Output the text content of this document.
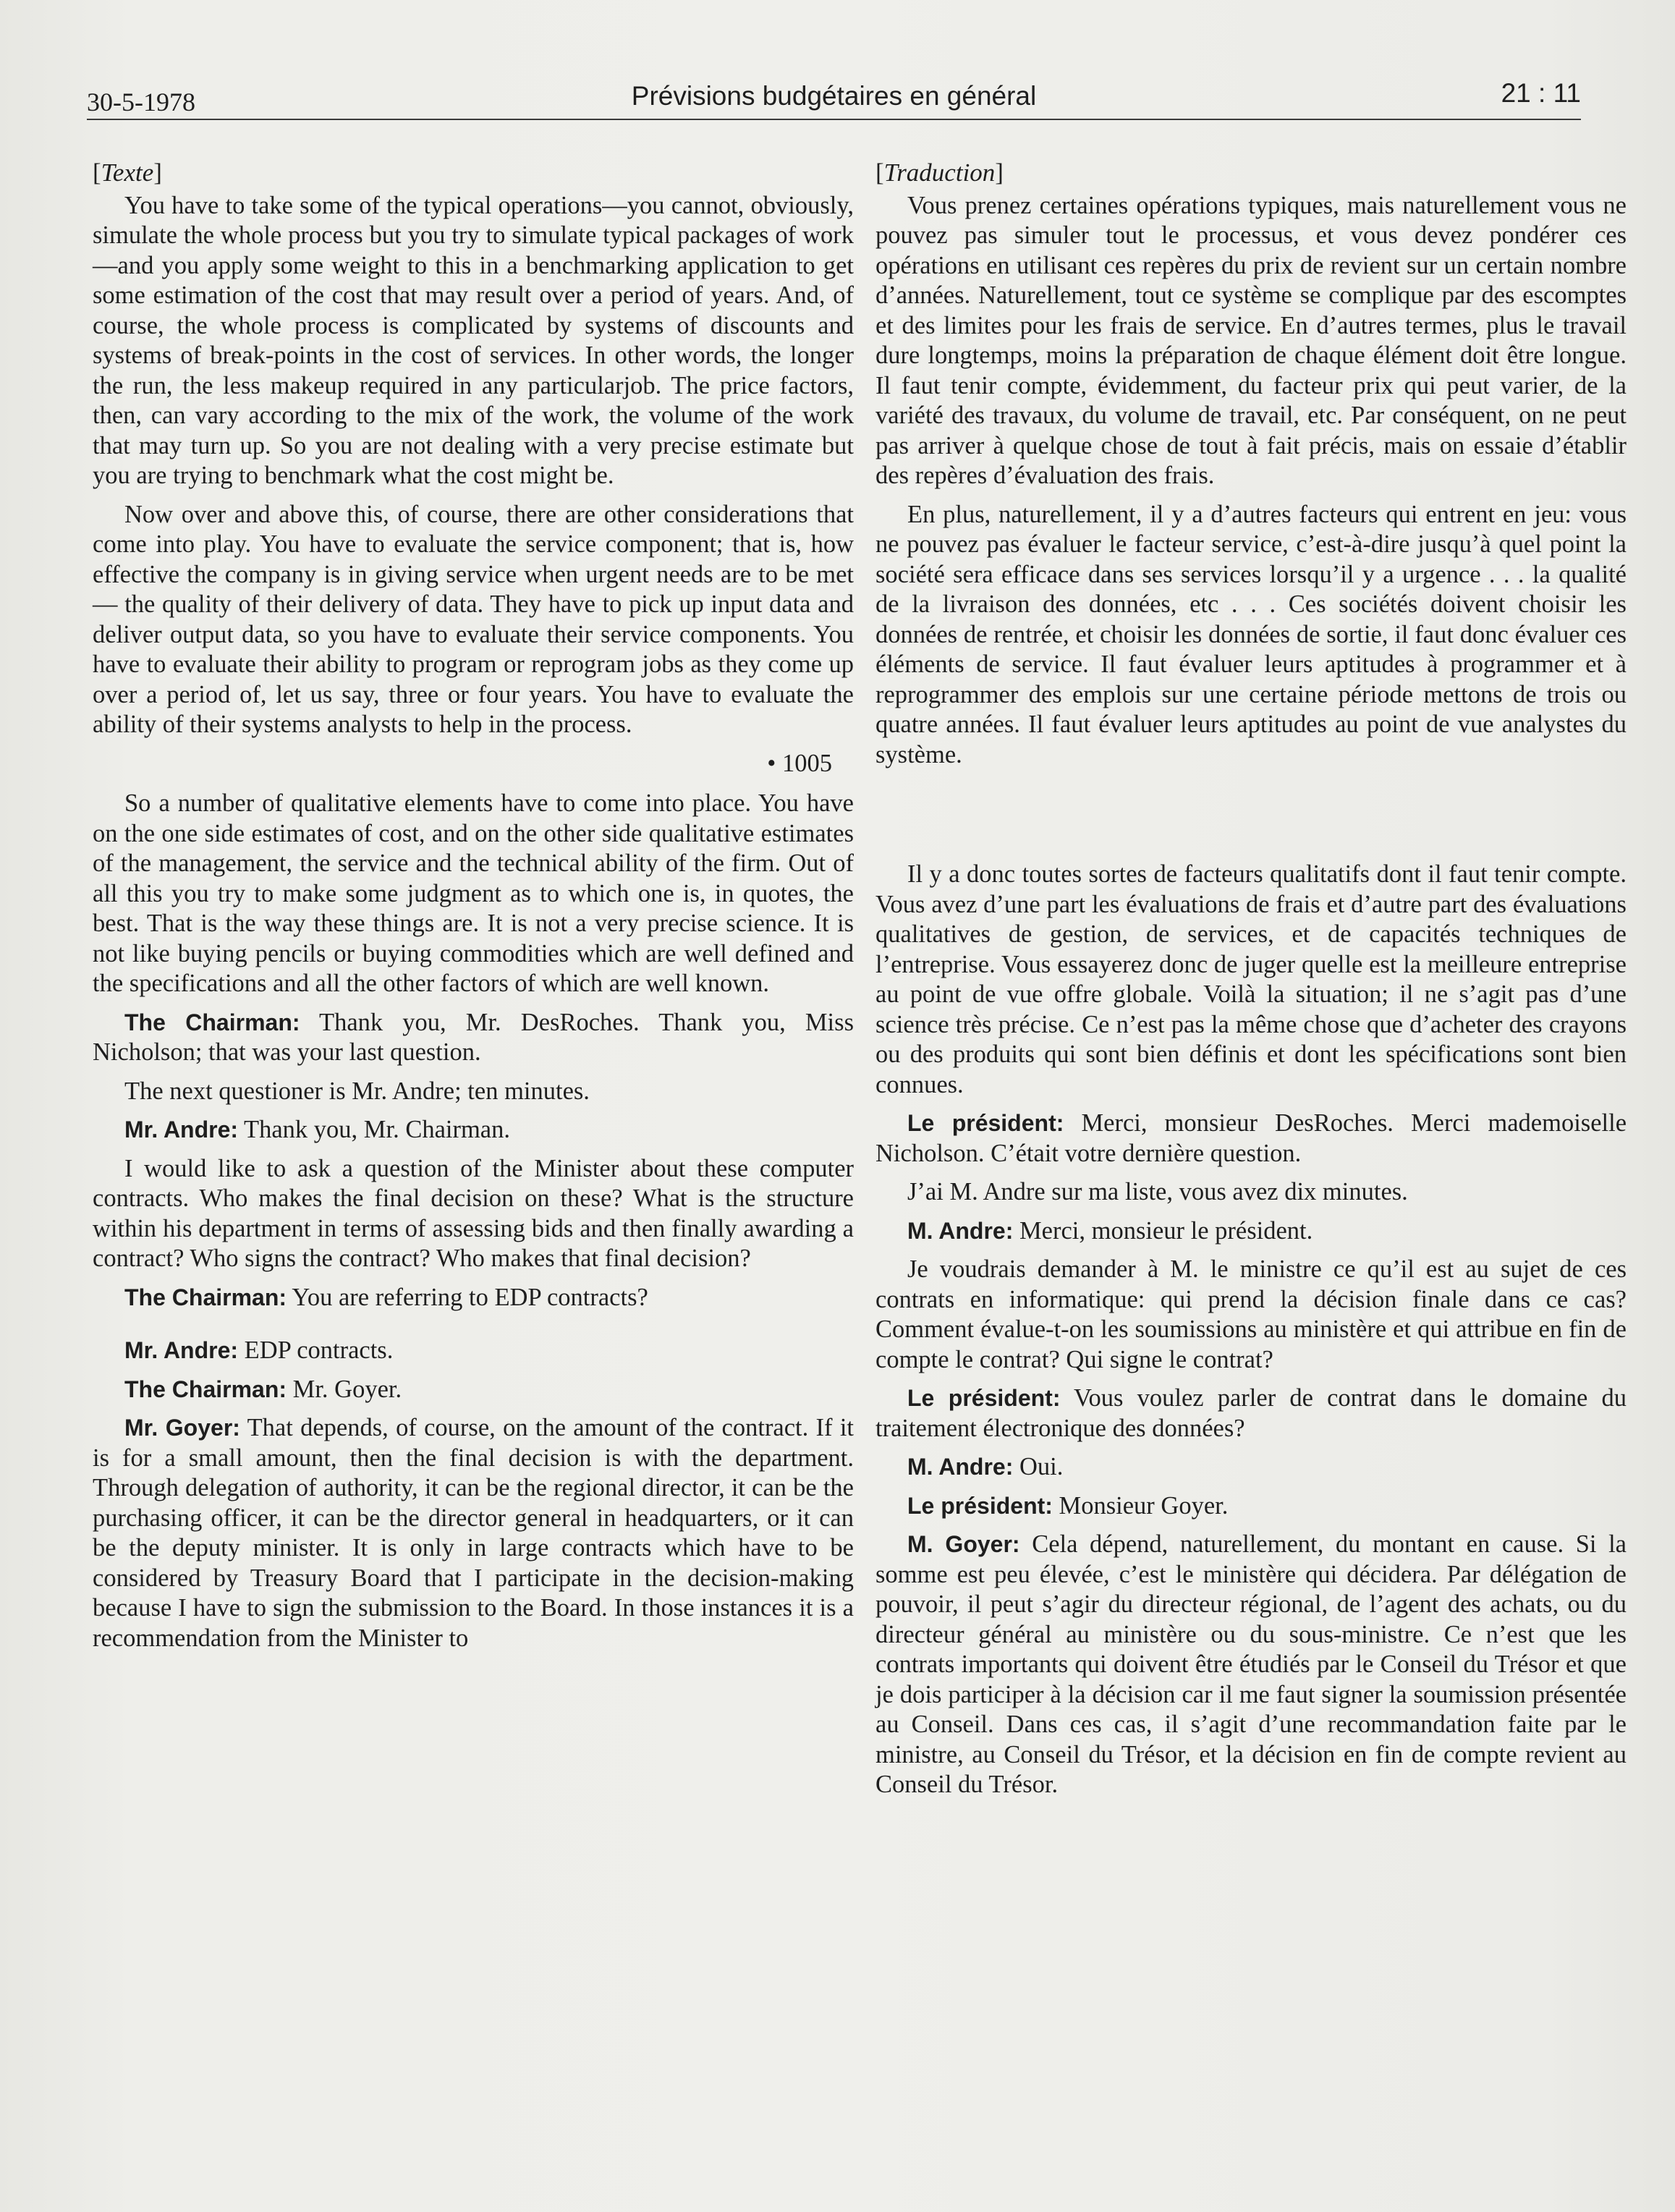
30-5-1978	Prévisions budgétaires en général	21 : 11

[Texte]

You have to take some of the typical operations—you cannot, obviously, simulate the whole process but you try to simulate typical packages of work—and you apply some weight to this in a benchmarking application to get some estimation of the cost that may result over a period of years. And, of course, the whole process is complicated by systems of discounts and systems of break-points in the cost of services. In other words, the longer the run, the less makeup required in any particularjob. The price factors, then, can vary according to the mix of the work, the volume of the work that may turn up. So you are not dealing with a very precise estimate but you are trying to benchmark what the cost might be.

Now over and above this, of course, there are other considerations that come into play. You have to evaluate the service component; that is, how effective the company is in giving service when urgent needs are to be met— the quality of their delivery of data. They have to pick up input data and deliver output data, so you have to evaluate their service components. You have to evaluate their ability to program or reprogram jobs as they come up over a period of, let us say, three or four years. You have to evaluate the ability of their systems analysts to help in the process.

• 1005

So a number of qualitative elements have to come into place. You have on the one side estimates of cost, and on the other side qualitative estimates of the management, the service and the technical ability of the firm. Out of all this you try to make some judgment as to which one is, in quotes, the best. That is the way these things are. It is not a very precise science. It is not like buying pencils or buying commodities which are well defined and the specifications and all the other factors of which are well known.

The Chairman: Thank you, Mr. DesRoches. Thank you, Miss Nicholson; that was your last question.

The next questioner is Mr. Andre; ten minutes.

Mr. Andre: Thank you, Mr. Chairman.

I would like to ask a question of the Minister about these computer contracts. Who makes the final decision on these? What is the structure within his department in terms of assessing bids and then finally awarding a contract? Who signs the contract? Who makes that final decision?

The Chairman: You are referring to EDP contracts?

Mr. Andre: EDP contracts.

The Chairman: Mr. Goyer.

Mr. Goyer: That depends, of course, on the amount of the contract. If it is for a small amount, then the final decision is with the department. Through delegation of authority, it can be the regional director, it can be the purchasing officer, it can be the director general in headquarters, or it can be the deputy minister. It is only in large contracts which have to be considered by Treasury Board that I participate in the decision-making because I have to sign the submission to the Board. In those instances it is a recommendation from the Minister to

[Traduction]

Vous prenez certaines opérations typiques, mais naturellement vous ne pouvez pas simuler tout le processus, et vous devez pondérer ces opérations en utilisant ces repères du prix de revient sur un certain nombre d’années. Naturellement, tout ce système se complique par des escomptes et des limites pour les frais de service. En d’autres termes, plus le travail dure longtemps, moins la préparation de chaque élément doit être longue. Il faut tenir compte, évidemment, du facteur prix qui peut varier, de la variété des travaux, du volume de travail, etc. Par conséquent, on ne peut pas arriver à quelque chose de tout à fait précis, mais on essaie d’établir des repères d’évaluation des frais.

En plus, naturellement, il y a d’autres facteurs qui entrent en jeu: vous ne pouvez pas évaluer le facteur service, c’est-à-dire jusqu’à quel point la société sera efficace dans ses services lorsqu’il y a urgence . . . la qualité de la livraison des données, etc . . . Ces sociétés doivent choisir les données de rentrée, et choisir les données de sortie, il faut donc évaluer ces éléments de service. Il faut évaluer leurs aptitudes à programmer et à reprogrammer des emplois sur une certaine période mettons de trois ou quatre années. Il faut évaluer leurs aptitudes au point de vue analystes du système.

Il y a donc toutes sortes de facteurs qualitatifs dont il faut tenir compte. Vous avez d’une part les évaluations de frais et d’autre part des évaluations qualitatives de gestion, de services, et de capacités techniques de l’entreprise. Vous essayerez donc de juger quelle est la meilleure entreprise au point de vue offre globale. Voilà la situation; il ne s’agit pas d’une science très précise. Ce n’est pas la même chose que d’acheter des crayons ou des produits qui sont bien définis et dont les spécifications sont bien connues.

Le président: Merci, monsieur DesRoches. Merci mademoiselle Nicholson. C’était votre dernière question.

J’ai M. Andre sur ma liste, vous avez dix minutes.

M. Andre: Merci, monsieur le président.

Je voudrais demander à M. le ministre ce qu’il est au sujet de ces contrats en informatique: qui prend la décision finale dans ce cas? Comment évalue-t-on les soumissions au ministère et qui attribue en fin de compte le contrat? Qui signe le contrat?

Le président: Vous voulez parler de contrat dans le domaine du traitement électronique des données?

M. Andre: Oui.

Le président: Monsieur Goyer.

M. Goyer: Cela dépend, naturellement, du montant en cause. Si la somme est peu élevée, c’est le ministère qui décidera. Par délégation de pouvoir, il peut s’agir du directeur régional, de l’agent des achats, ou du directeur général au ministère ou du sous-ministre. Ce n’est que les contrats importants qui doivent être étudiés par le Conseil du Trésor et que je dois participer à la décision car il me faut signer la soumission présentée au Conseil. Dans ces cas, il s’agit d’une recommandation faite par le ministre, au Conseil du Trésor, et la décision en fin de compte revient au Conseil du Trésor.
